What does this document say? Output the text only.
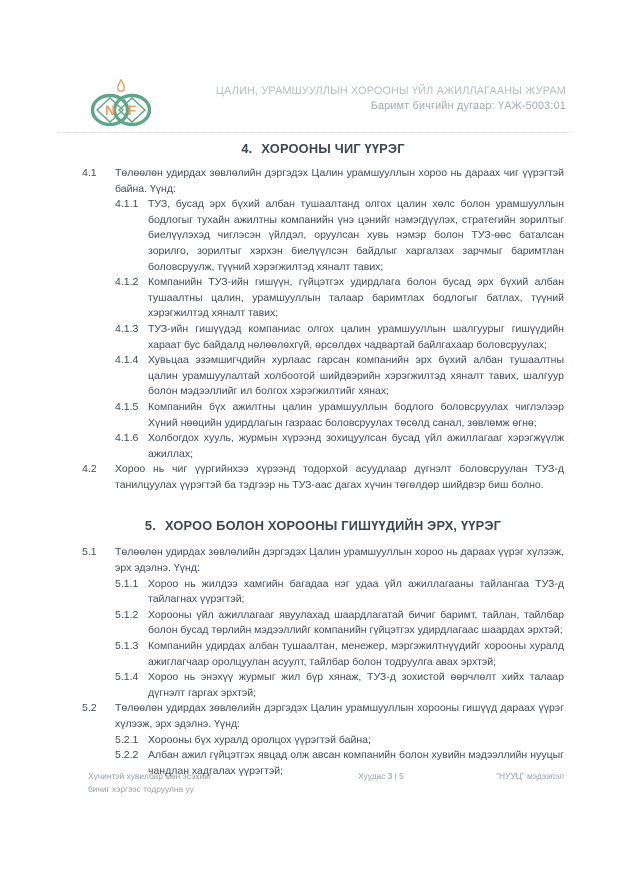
N F
ЦАЛИН, УРАМШУУЛЛЫН ХОРООНЫ ҮЙЛ АЖИЛЛАГААНЫ ЖУРАМ
Баримт бичгийн дугаар: ҮАЖ-5003:01
4. ХОРООНЫ ЧИГ ҮҮРЭГ
4.1	Төлөөлөн удирдах зөвлөлийн дэргэдэх Цалин урамшууллын хороо нь дараах чиг үүрэгтэй байна. Үүнд:
4.1.1 ТУЗ, бусад эрх бүхий албан тушаалтанд олгох цалин хөлс болон урамшууллын бодлогыг тухайн ажилтны компанийн үнэ цэнийг нэмэгдүүлэх, стратегийн зорилтыг биелүүлэхэд чиглэсэн үйлдэл, оруулсан хувь нэмэр болон ТУЗ-өөс баталсан зорилго, зорилтыг хэрхэн биелүүлсэн байдлыг харгалзах зарчмыг баримтлан боловсруулж, түүний хэрэгжилтэд хяналт тавих;
4.1.2 Компанийн ТУЗ-ийн гишүүн, гүйцэтгэх удирдлага болон бусад эрх бүхий албан тушаалтны цалин, урамшууллын талаар баримтлах бодлогыг батлах, түүний хэрэгжилтэд хяналт тавих;
4.1.3 ТУЗ-ийн гишүүдэд компаниас олгох цалин урамшууллын шалгуурыг гишүүдийн хараат бус байдалд нөлөөлөхгүй, өрсөлдөх чадвартай байлгахаар боловсруулах;
4.1.4 Хувьцаа эзэмшигчдийн хурлаас гарсан компанийн эрх бүхий албан тушаалтны цалин урамшуулалтай холбоотой шийдвэрийн хэрэгжилтэд хяналт тавих, шалгуур болон мэдээллийг ил болгох хэрэгжилтийг хянах;
4.1.5 Компанийн бүх ажилтны цалин урамшууллын бодлого боловсруулах чиглэлээр Хүний нөөцийн удирдлагын газраас боловсруулах төсөлд санал, зөвлөмж өгнө;
4.1.6 Холбогдох хууль, журмын хүрээнд зохицуулсан бусад үйл ажиллагааг хэрэгжүүлж ажиллах;
4.2	Хороо нь чиг үүргийнхээ хүрээнд тодорхой асуудлаар дүгнэлт боловсруулан ТУЗ-д танилцуулах үүрэгтэй ба тэдгээр нь ТУЗ-аас дагах хүчин төгөлдөр шийдвэр биш болно.
5. ХОРОО БОЛОН ХОРООНЫ ГИШҮҮДИЙН ЭРХ, ҮҮРЭГ
5.1	Төлөөлөн удирдах зөвлөлийн дэргэдэх Цалин урамшууллын хороо нь дараах үүрэг хүлээж, эрх эдэлнэ. Үүнд:
5.1.1 Хороо нь жилдээ хамгийн багадаа нэг удаа үйл ажиллагааны тайлангаа ТУЗ-д тайлагнах үүрэгтэй;
5.1.2 Хорооны үйл ажиллагааг явуулахад шаардлагатай бичиг баримт, тайлан, тайлбар болон бусад төрлийн мэдээллийг компанийн гүйцэтгэх удирдлагаас шаардах эрхтэй;
5.1.3 Компанийн удирдах албан тушаалтан, менежер, мэргэжилтнүүдийг хорооны хуралд ажиглагчаар оролцуулан асуулт, тайлбар болон тодруулга авах эрхтэй;
5.1.4 Хороо нь энэхүү журмыг жил бүр хянаж, ТУЗ-д зохистой өөрчлөлт хийх талаар дүгнэлт гаргах эрхтэй;
5.2	Төлөөлөн удирдах зөвлөлийн дэргэдэх Цалин урамшууллын хорооны гишүүд дараах үүрэг хүлээж, эрх эдэлнэ. Үүнд:
5.2.1 Хорооны бүх хуралд оролцох үүрэгтэй байна;
5.2.2 Албан ажил гүйцэтгэх явцад олж авсан компанийн болон хувийн мэдээллийн нууцыг чандлан хадгалах үүрэгтэй;
Хүчинтэй хувилбар мөн эсэхийг
бичиг хэргээс тодруулна уу
Хуудас 3 | 5	“НУУЦ” мэдээлэл
